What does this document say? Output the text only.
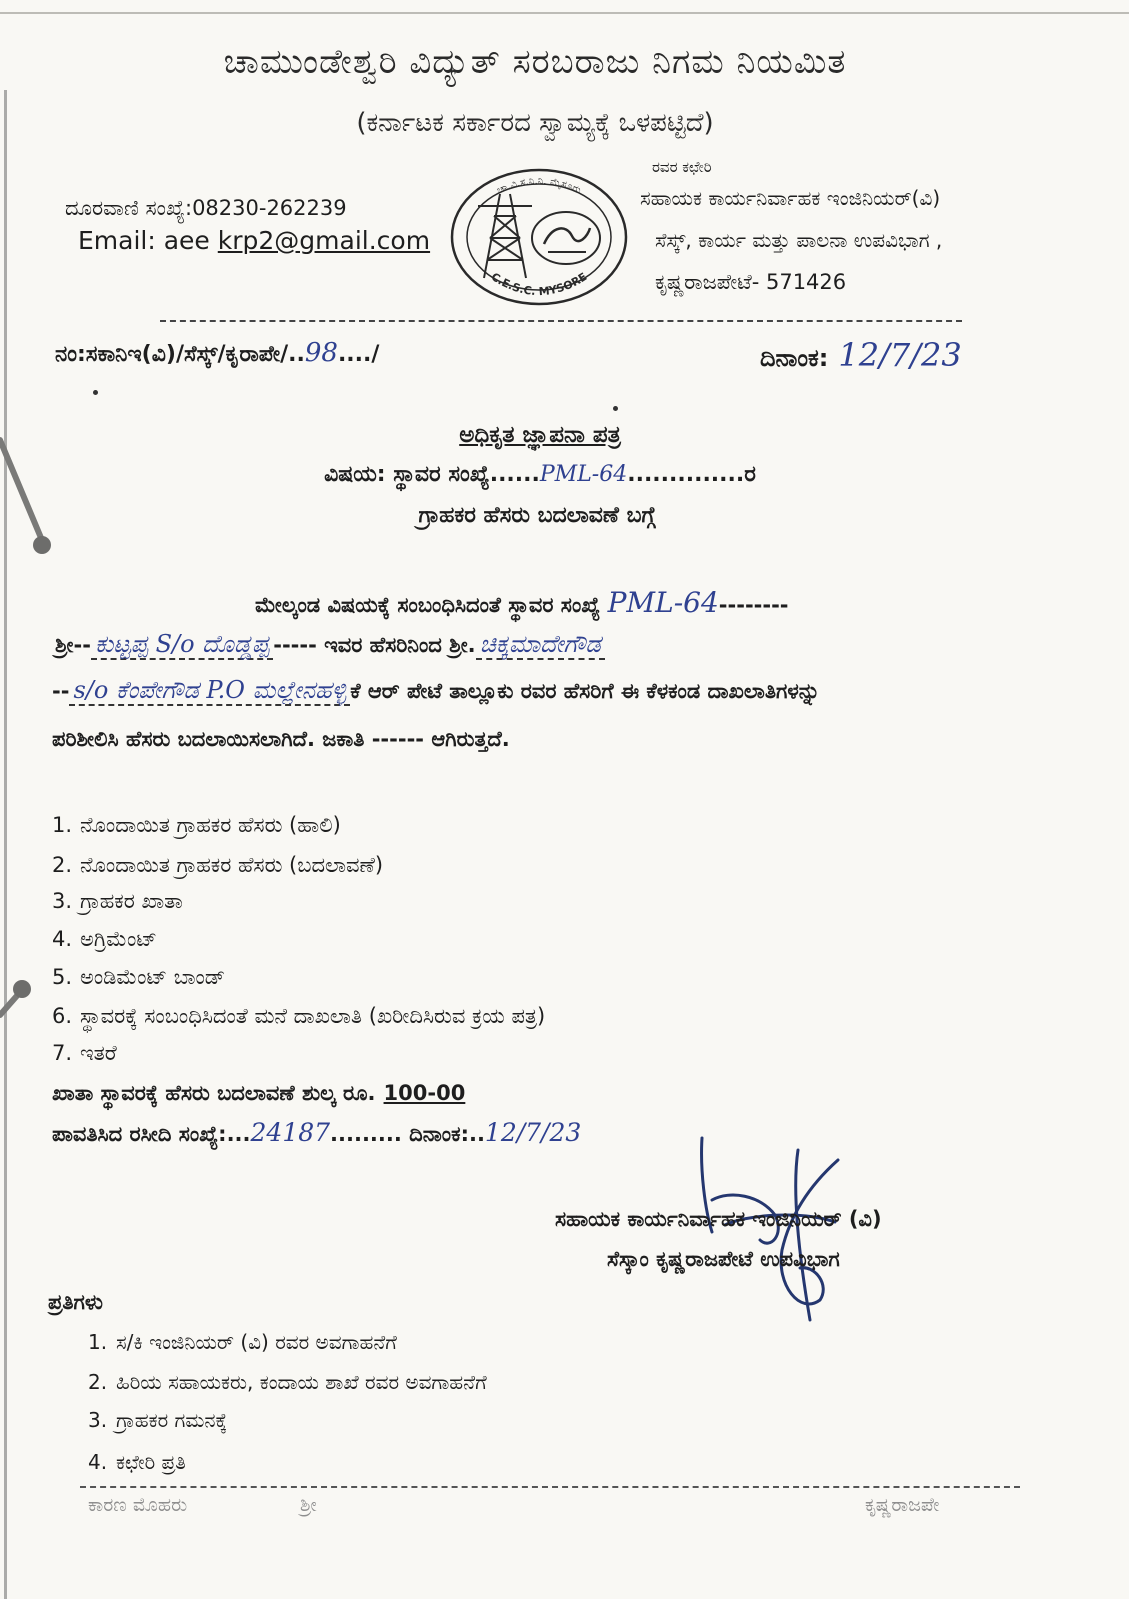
ಚಾಮುಂಡೇಶ್ವರಿ ವಿದ್ಯುತ್ ಸರಬರಾಜು ನಿಗಮ ನಿಯಮಿತ
(ಕರ್ನಾಟಕ ಸರ್ಕಾರದ ಸ್ವಾಮ್ಯಕ್ಕೆ ಒಳಪಟ್ಟಿದೆ)
ದೂರವಾಣಿ ಸಂಖ್ಯೆ:08230-262239
Email: aee krp2@gmail.com
ಚಾ.ವಿ.ಸ.ನಿ.ನಿ. ಮೈಸೂರು
C.E.S.C. MYSORE
ರವರ ಕಛೇರಿ
ಸಹಾಯಕ ಕಾರ್ಯನಿರ್ವಾಹಕ ಇಂಜಿನಿಯರ್(ವಿ)
ಸೆಸ್ಕ್, ಕಾರ್ಯ ಮತ್ತು ಪಾಲನಾ ಉಪವಿಭಾಗ ,
ಕೃಷ್ಣರಾಜಪೇಟೆ- 571426
ನಂ:ಸಕಾನಿಇ(ವಿ)/ಸೆಸ್ಕ್/ಕೃರಾಪೇ/..98..../	ದಿನಾಂಕ: 12/7/23
ಅಧಿಕೃತ ಜ್ಞಾಪನಾ ಪತ್ರ
ವಿಷಯ: ಸ್ಥಾವರ ಸಂಖ್ಯೆ......PML-64..............ರ
ಗ್ರಾಹಕರ ಹೆಸರು ಬದಲಾವಣೆ ಬಗ್ಗೆ
ಮೇಲ್ಕಂಡ ವಿಷಯಕ್ಕೆ ಸಂಬಂಧಿಸಿದಂತೆ ಸ್ಥಾವರ ಸಂಖ್ಯೆ PML-64--------
ಶ್ರೀ-- ಕುಟ್ಟಪ್ಪ S/o ದೊಡ್ಡಪ್ಪ ----- ಇವರ ಹೆಸರಿನಿಂದ ಶ್ರೀ. ಚಿಕ್ಕಮಾದೇಗೌಡ
-- s/o ಕೆಂಪೇಗೌಡ P.O ಮಲ್ಲೇನಹಳ್ಳಿ ಕೆ ಆರ್ ಪೇಟೆ ತಾಲ್ಲೂಕು ರವರ ಹೆಸರಿಗೆ ಈ ಕೆಳಕಂಡ ದಾಖಲಾತಿಗಳನ್ನು
ಪರಿಶೀಲಿಸಿ ಹೆಸರು ಬದಲಾಯಿಸಲಾಗಿದೆ. ಜಕಾತಿ ------ ಆಗಿರುತ್ತದೆ.
1. ನೊಂದಾಯಿತ ಗ್ರಾಹಕರ ಹೆಸರು (ಹಾಲಿ)
2. ನೊಂದಾಯಿತ ಗ್ರಾಹಕರ ಹೆಸರು (ಬದಲಾವಣೆ)
3. ಗ್ರಾಹಕರ ಖಾತಾ
4. ಅಗ್ರಿಮೆಂಟ್
5. ಅಂಡಿಮೆಂಟ್ ಬಾಂಡ್
6. ಸ್ಥಾವರಕ್ಕೆ ಸಂಬಂಧಿಸಿದಂತೆ ಮನೆ ದಾಖಲಾತಿ (ಖರೀದಿಸಿರುವ ಕ್ರಯ ಪತ್ರ)
7. ಇತರೆ
ಖಾತಾ ಸ್ಥಾವರಕ್ಕೆ ಹೆಸರು ಬದಲಾವಣೆ ಶುಲ್ಕ ರೂ. 100-00
ಪಾವತಿಸಿದ ರಸೀದಿ ಸಂಖ್ಯೆ:...24187......... ದಿನಾಂಕ:..12/7/23
ಸಹಾಯಕ ಕಾರ್ಯನಿರ್ವಾಹಕ ಇಂಜಿನಿಯರ್ (ವಿ)
ಸೆಸ್ಕಾಂ ಕೃಷ್ಣರಾಜಪೇಟೆ ಉಪವಿಭಾಗ
ಪ್ರತಿಗಳು
1. ಸ/ಕಿ ಇಂಜಿನಿಯರ್ (ವಿ) ರವರ ಅವಗಾಹನೆಗೆ
2. ಹಿರಿಯ ಸಹಾಯಕರು, ಕಂದಾಯ ಶಾಖೆ ರವರ ಅವಗಾಹನೆಗೆ
3. ಗ್ರಾಹಕರ ಗಮನಕ್ಕೆ
4. ಕಛೇರಿ ಪ್ರತಿ
ಕಾರಣ ಮೊಹರು	ಶ್ರೀ	ಕೃಷ್ಣರಾಜಪೇ
